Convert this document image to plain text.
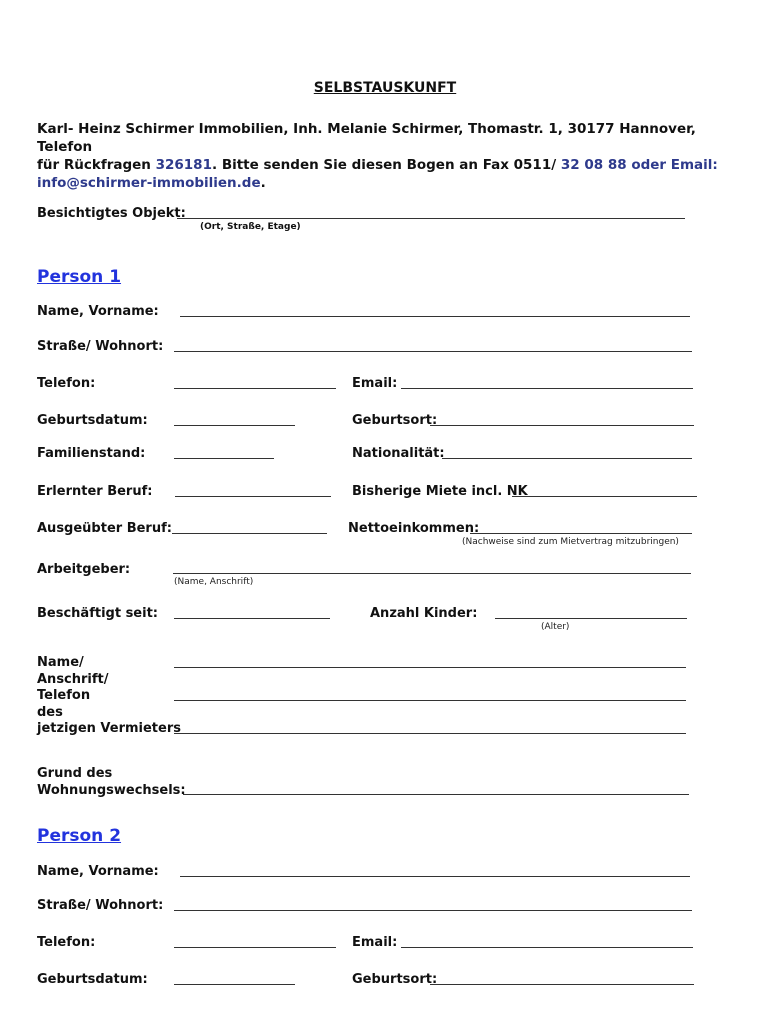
SELBSTAUSKUNFT
Karl- Heinz Schirmer Immobilien, Inh. Melanie Schirmer, Thomastr. 1, 30177 Hannover, Telefon
für Rückfragen 326181. Bitte senden Sie diesen Bogen an Fax 0511/ 32 08 88 oder Email:
info@schirmer-immobilien.de.
Besichtigtes Objekt:
(Ort, Straße, Etage)
Person 1
Name, Vorname:
Straße/ Wohnort:
Telefon:	Email:
Geburtsdatum:	Geburtsort:
Familienstand:	Nationalität:
Erlernter Beruf:	Bisherige Miete incl. NK
Ausgeübter Beruf:	Nettoeinkommen:
(Nachweise sind zum Mietvertrag mitzubringen)
Arbeitgeber:
(Name, Anschrift)
Beschäftigt seit:	Anzahl Kinder:
(Alter)
Name/
Anschrift/
Telefon
des
jetzigen Vermieters
Grund des
Wohnungswechsels:
Person 2
Name, Vorname:
Straße/ Wohnort:
Telefon:	Email:
Geburtsdatum:	Geburtsort:
